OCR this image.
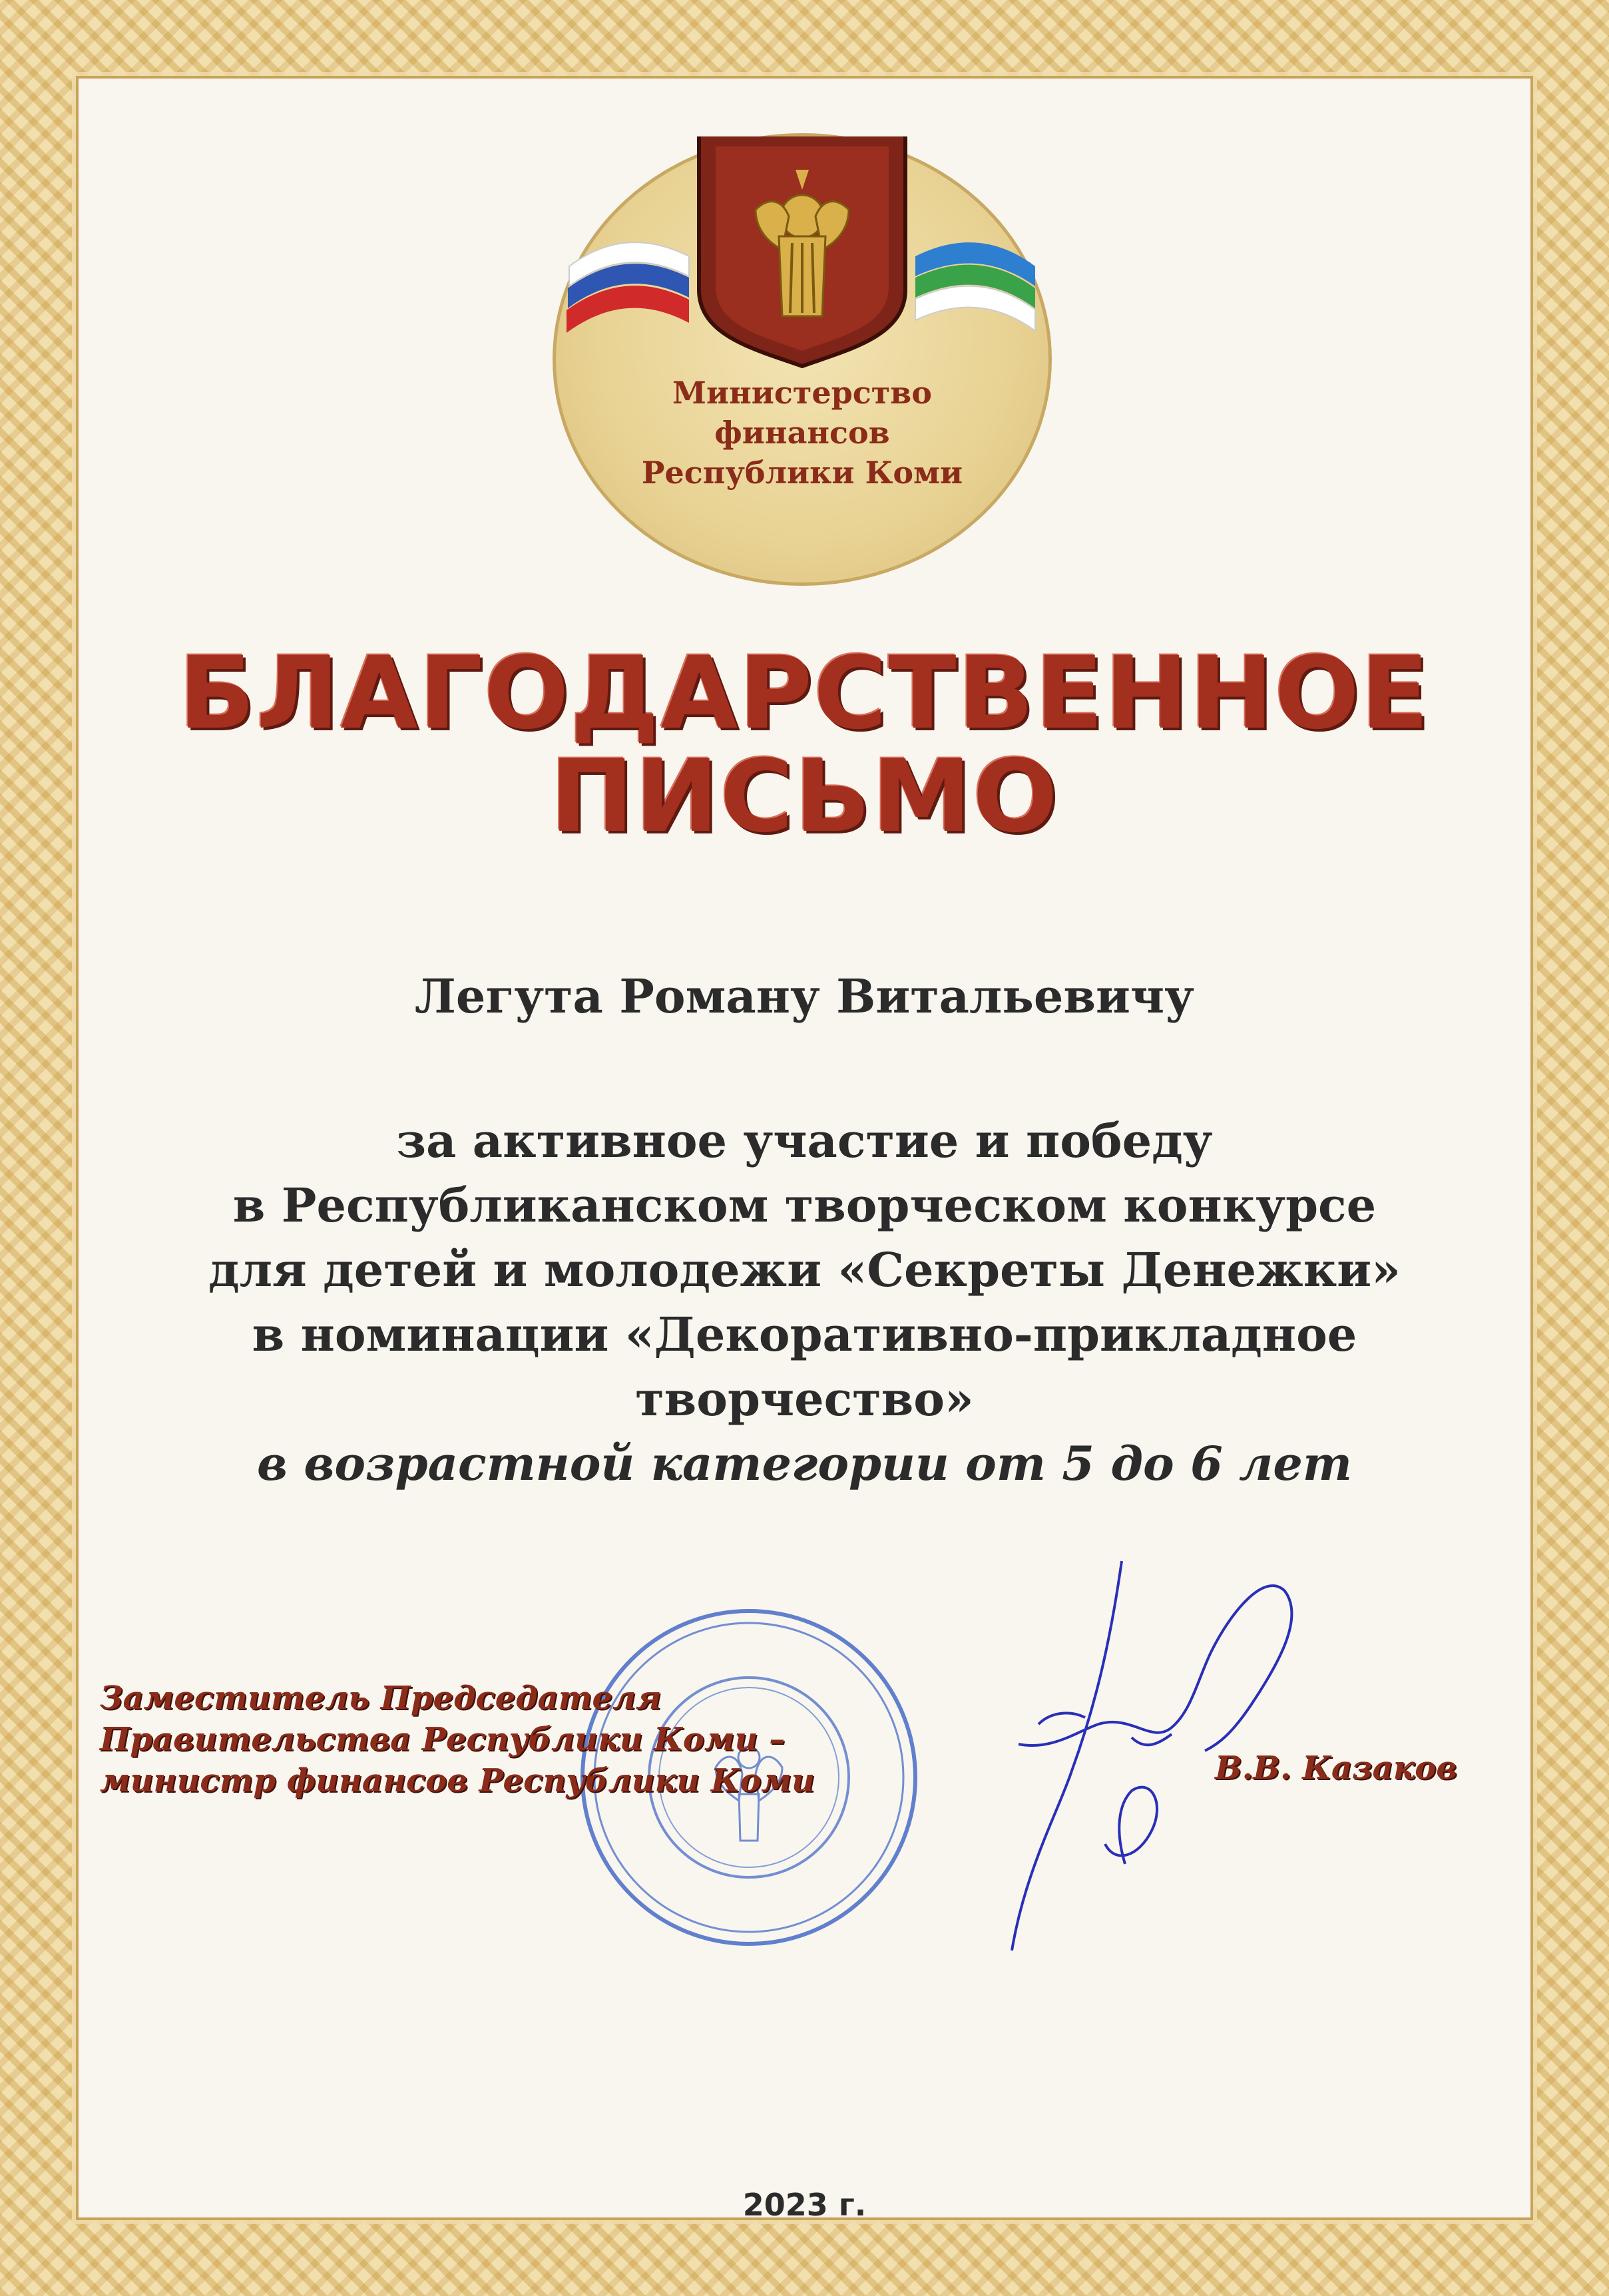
Министерство
финансов
Республики Коми
БЛАГОДАРСТВЕННОЕ
ПИСЬМО
Легута Роману Витальевичу
за активное участие и победу
в Республиканском творческом конкурсе
для детей и молодежи «Секреты Денежки»
в номинации «Декоративно-прикладное
творчество»
в возрастной категории от 5 до 6 лет
Заместитель Председателя
Правительства Республики Коми –
министр финансов Республики Коми	В.В. Казаков
2023 г.
